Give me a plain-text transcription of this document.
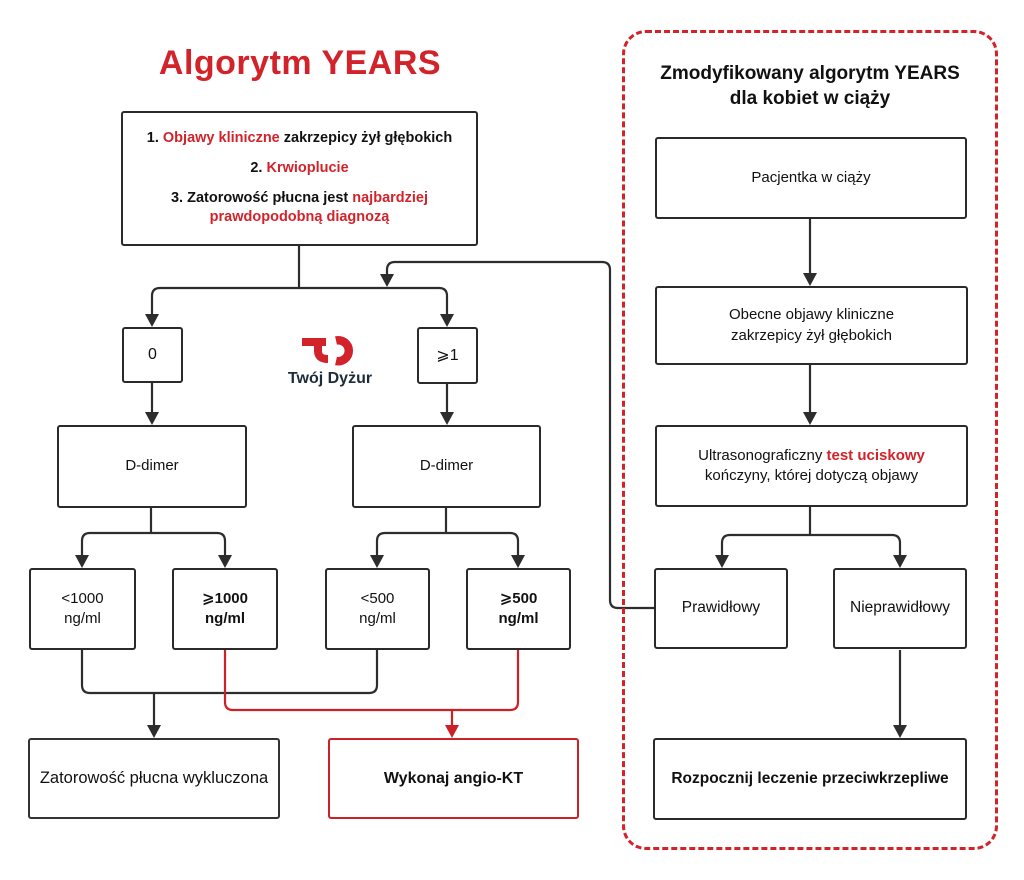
Algorytm YEARS
1. Objawy kliniczne zakrzepicy żył głębokich
2. Krwioplucie
3. Zatorowość płucna jest najbardziej prawdopodobną diagnozą
0	⩾1
Twój Dyżur
D-dimer	D-dimer
<1000
ng/ml
⩾1000
ng/ml
<500
ng/ml
⩾500
ng/ml
Zatorowość płucna wykluczona	Wykonaj angio-KT
Zmodyfikowany algorytm YEARS
dla kobiet w ciąży
Pacjentka w ciąży
Obecne objawy kliniczne
zakrzepicy żył głębokich
Ultrasonograficzny test uciskowy
kończyny, której dotyczą objawy
Prawidłowy	Nieprawidłowy
Rozpocznij leczenie przeciwkrzepliwe
